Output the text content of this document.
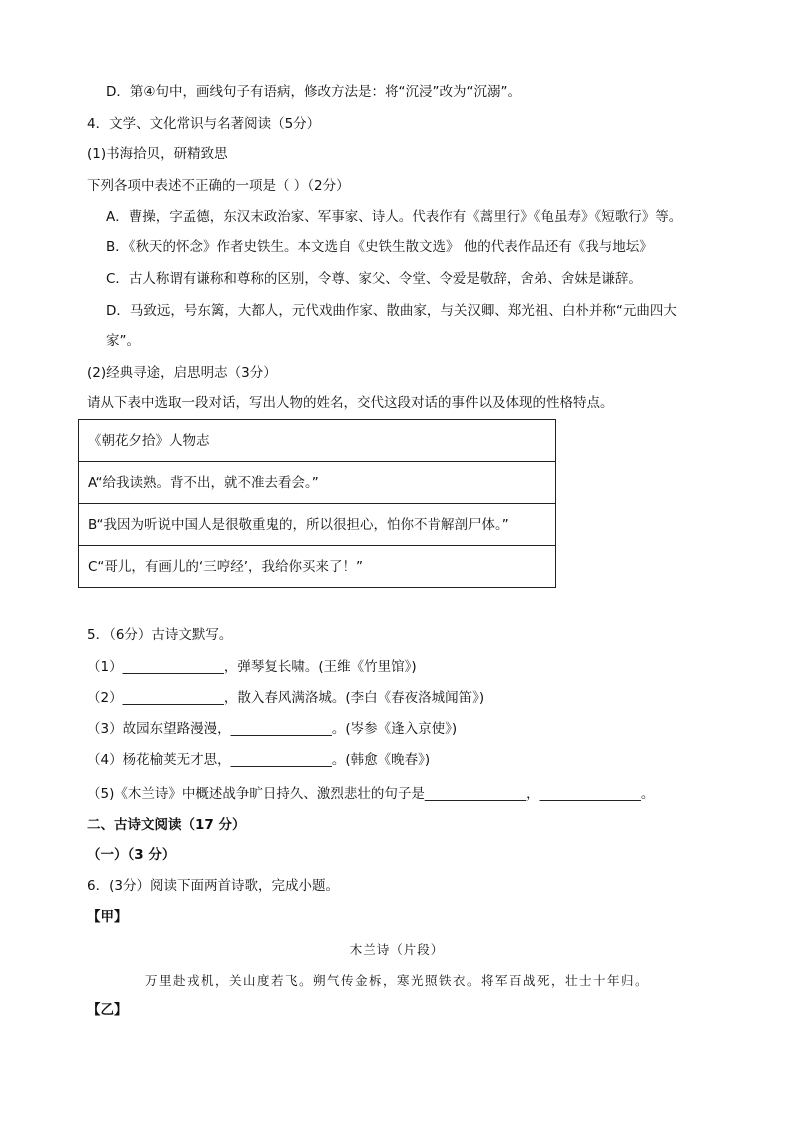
D．第④句中，画线句子有语病，修改方法是：将“沉浸”改为“沉溺”。
4．文学、文化常识与名著阅读（5分）
(1)书海拾贝，研精致思
下列各项中表述不正确的一项是（ ）（2分）
A．曹操，字孟德，东汉末政治家、军事家、诗人。代表作有《蒿里行》《龟虽寿》《短歌行》等。
B．《秋天的怀念》作者史铁生。本文选自《史铁生散文选》 他的代表作品还有《我与地坛》
C．古人称谓有谦称和尊称的区别，令尊、家父、令堂、令爱是敬辞，舍弟、舍妹是谦辞。
D．马致远，号东篱，大都人，元代戏曲作家、散曲家，与关汉卿、郑光祖、白朴并称“元曲四大
家”。
(2)经典寻途，启思明志（3分）
请从下表中选取一段对话，写出人物的姓名，交代这段对话的事件以及体现的性格特点。
《朝花夕拾》人物志
A“给我读熟。背不出，就不准去看会。”
B“我因为听说中国人是很敬重鬼的，所以很担心，怕你不肯解剖尸体。”
C“哥儿，有画儿的‘三哼经’，我给你买来了！”
5．（6分）古诗文默写。
（1）_______________，弹琴复长啸。(王维《竹里馆》)
（2）_______________，散入春风满洛城。(李白《春夜洛城闻笛》)
（3）故园东望路漫漫，_______________。(岑参《逢入京使》)
（4）杨花榆荚无才思，_______________。(韩愈《晚春》)
（5)《木兰诗》中概述战争旷日持久、激烈悲壮的句子是_______________，_______________。
二、古诗文阅读（17 分）
（一）（3 分）
6．(3分）阅读下面两首诗歌，完成小题。
【甲】
木兰诗（片段）
万里赴戎机，关山度若飞。朔气传金柝，寒光照铁衣。将军百战死，壮士十年归。
【乙】
